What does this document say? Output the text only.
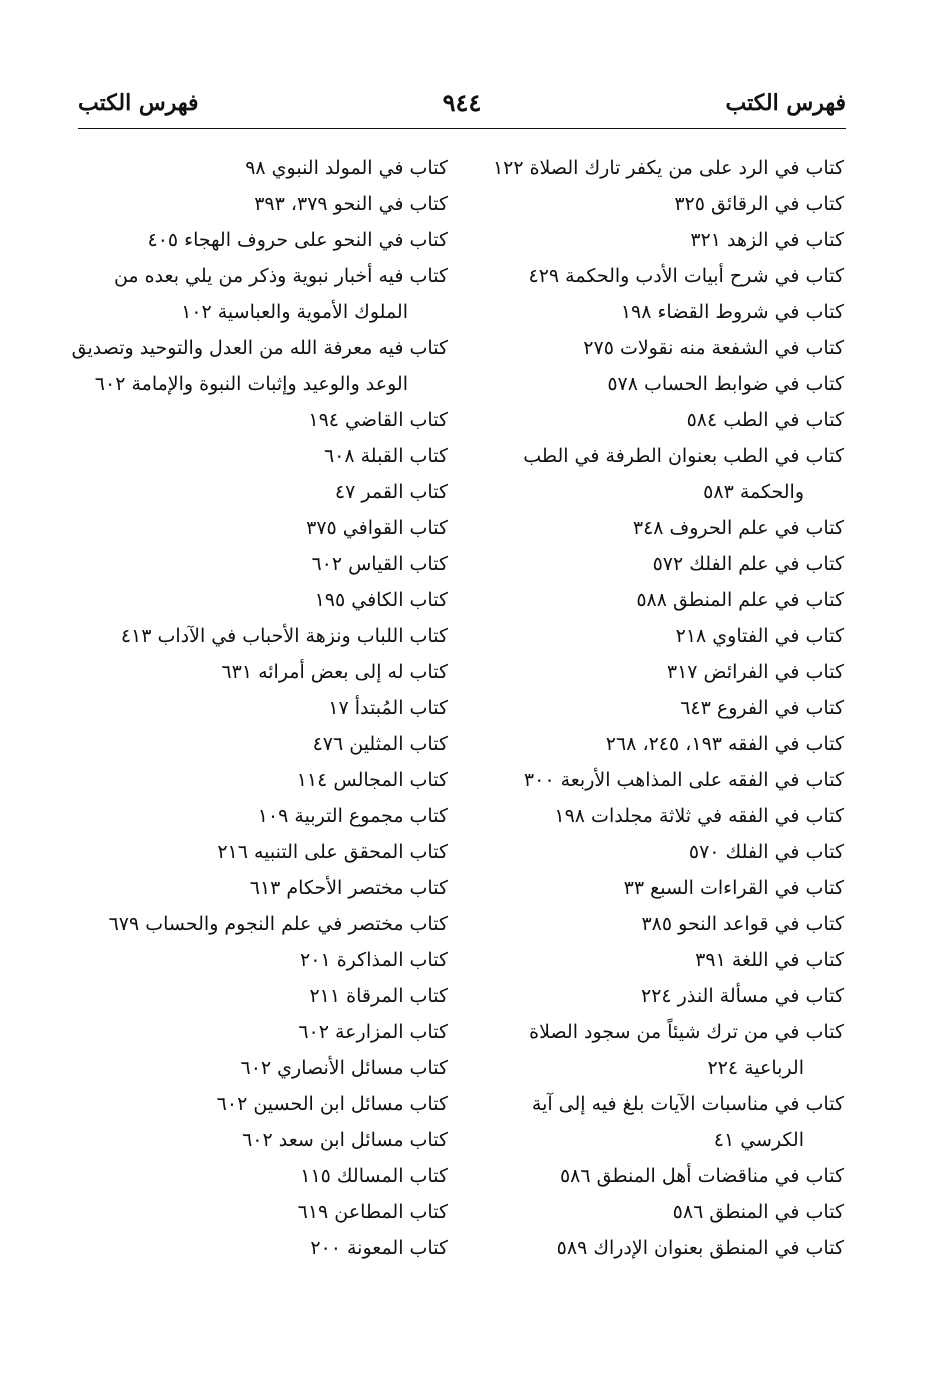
فهرس الكتب
٩٤٤
فهرس الكتب
كتاب في الرد على من يكفر تارك الصلاة ١٢٢
كتاب في الرقائق ٣٢٥
كتاب في الزهد ٣٢١
كتاب في شرح أبيات الأدب والحكمة ٤٢٩
كتاب في شروط القضاء ١٩٨
كتاب في الشفعة منه نقولات ٢٧٥
كتاب في ضوابط الحساب ٥٧٨
كتاب في الطب ٥٨٤
كتاب في الطب بعنوان الطرفة في الطب
والحكمة ٥٨٣
كتاب في علم الحروف ٣٤٨
كتاب في علم الفلك ٥٧٢
كتاب في علم المنطق ٥٨٨
كتاب في الفتاوي ٢١٨
كتاب في الفرائض ٣١٧
كتاب في الفروع ٦٤٣
كتاب في الفقه ١٩٣، ٢٤٥، ٢٦٨
كتاب في الفقه على المذاهب الأربعة ٣٠٠
كتاب في الفقه في ثلاثة مجلدات ١٩٨
كتاب في الفلك ٥٧٠
كتاب في القراءات السبع ٣٣
كتاب في قواعد النحو ٣٨٥
كتاب في اللغة ٣٩١
كتاب في مسألة النذر ٢٢٤
كتاب في من ترك شيئاً من سجود الصلاة
الرباعية ٢٢٤
كتاب في مناسبات الآيات بلغ فيه إلى آية
الكرسي ٤١
كتاب في مناقضات أهل المنطق ٥٨٦
كتاب في المنطق ٥٨٦
كتاب في المنطق بعنوان الإدراك ٥٨٩
كتاب في المولد النبوي ٩٨
كتاب في النحو ٣٧٩، ٣٩٣
كتاب في النحو على حروف الهجاء ٤٠٥
كتاب فيه أخبار نبوية وذكر من يلي بعده من
الملوك الأموية والعباسية ١٠٢
كتاب فيه معرفة الله من العدل والتوحيد وتصديق
الوعد والوعيد وإثبات النبوة والإمامة ٦٠٢
كتاب القاضي ١٩٤
كتاب القبلة ٦٠٨
كتاب القمر ٤٧
كتاب القوافي ٣٧٥
كتاب القياس ٦٠٢
كتاب الكافي ١٩٥
كتاب اللباب ونزهة الأحباب في الآداب ٤١٣
كتاب له إلى بعض أمرائه ٦٣١
كتاب المُبتدأ ١٧
كتاب المثلين ٤٧٦
كتاب المجالس ١١٤
كتاب مجموع التربية ١٠٩
كتاب المحقق على التنبيه ٢١٦
كتاب مختصر الأحكام ٦١٣
كتاب مختصر في علم النجوم والحساب ٦٧٩
كتاب المذاكرة ٢٠١
كتاب المرقاة ٢١١
كتاب المزارعة ٦٠٢
كتاب مسائل الأنصاري ٦٠٢
كتاب مسائل ابن الحسين ٦٠٢
كتاب مسائل ابن سعد ٦٠٢
كتاب المسالك ١١٥
كتاب المطاعن ٦١٩
كتاب المعونة ٢٠٠
